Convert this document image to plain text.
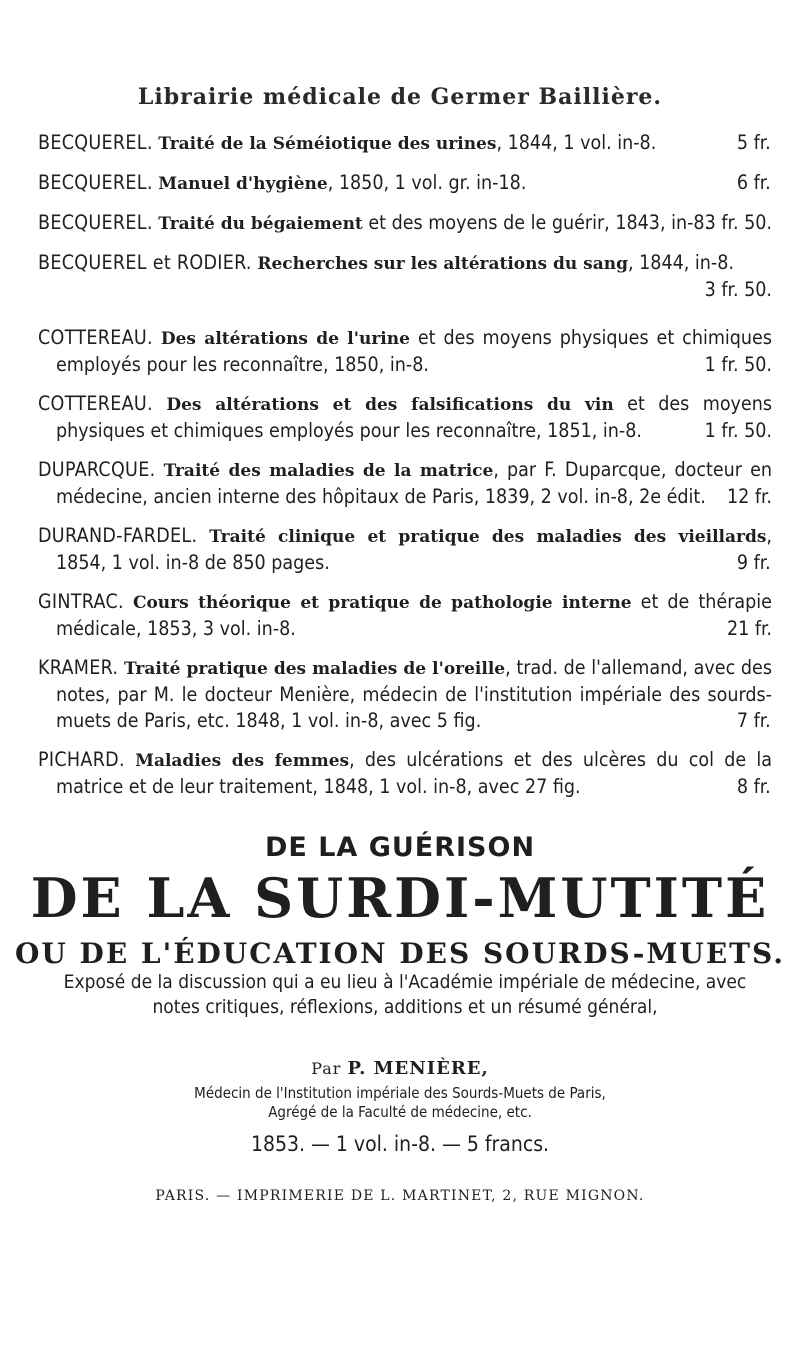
Librairie médicale de Germer Baillière.
BECQUEREL. Traité de la Séméiotique des urines, 1844, 1 vol. in-8.	5 fr.
BECQUEREL. Manuel d'hygiène, 1850, 1 vol. gr. in-18.	6 fr.
BECQUEREL. Traité du bégaiement et des moyens de le guérir, 1843, in-8.
3 fr. 50.
BECQUEREL et RODIER. Recherches sur les altérations du sang, 1844, in-8.
3 fr. 50.
COTTEREAU. Des altérations de l'urine et des moyens physiques et chimiques employés pour les reconnaître, 1850, in-8.	1 fr. 50.
COTTEREAU. Des altérations et des falsifications du vin et des moyens physiques et chimiques employés pour les reconnaître, 1851, in-8.	1 fr. 50.
DUPARCQUE. Traité des maladies de la matrice, par F. Duparcque, docteur en médecine, ancien interne des hôpitaux de Paris, 1839, 2 vol. in-8, 2e édit. 12 fr.
DURAND-FARDEL. Traité clinique et pratique des maladies des vieillards, 1854, 1 vol. in-8 de 850 pages.	9 fr.
GINTRAC. Cours théorique et pratique de pathologie interne et de thérapie médicale, 1853, 3 vol. in-8.	21 fr.
KRAMER. Traité pratique des maladies de l'oreille, trad. de l'allemand, avec des notes, par M. le docteur Menière, médecin de l'institution impériale des sourds-muets de Paris, etc. 1848, 1 vol. in-8, avec 5 fig.	7 fr.
PICHARD. Maladies des femmes, des ulcérations et des ulcères du col de la matrice et de leur traitement, 1848, 1 vol. in-8, avec 27 fig.	8 fr.
DE LA GUÉRISON
DE LA SURDI-MUTITÉ
OU DE L'ÉDUCATION DES SOURDS-MUETS.
Exposé de la discussion qui a eu lieu à l'Académie impériale de médecine, avec notes critiques, réflexions, additions et un résumé général,
Par P. MENIÈRE,
Médecin de l'Institution impériale des Sourds-Muets de Paris,
Agrégé de la Faculté de médecine, etc.
1853. — 1 vol. in-8. — 5 francs.
PARIS. — IMPRIMERIE DE L. MARTINET, 2, RUE MIGNON.
